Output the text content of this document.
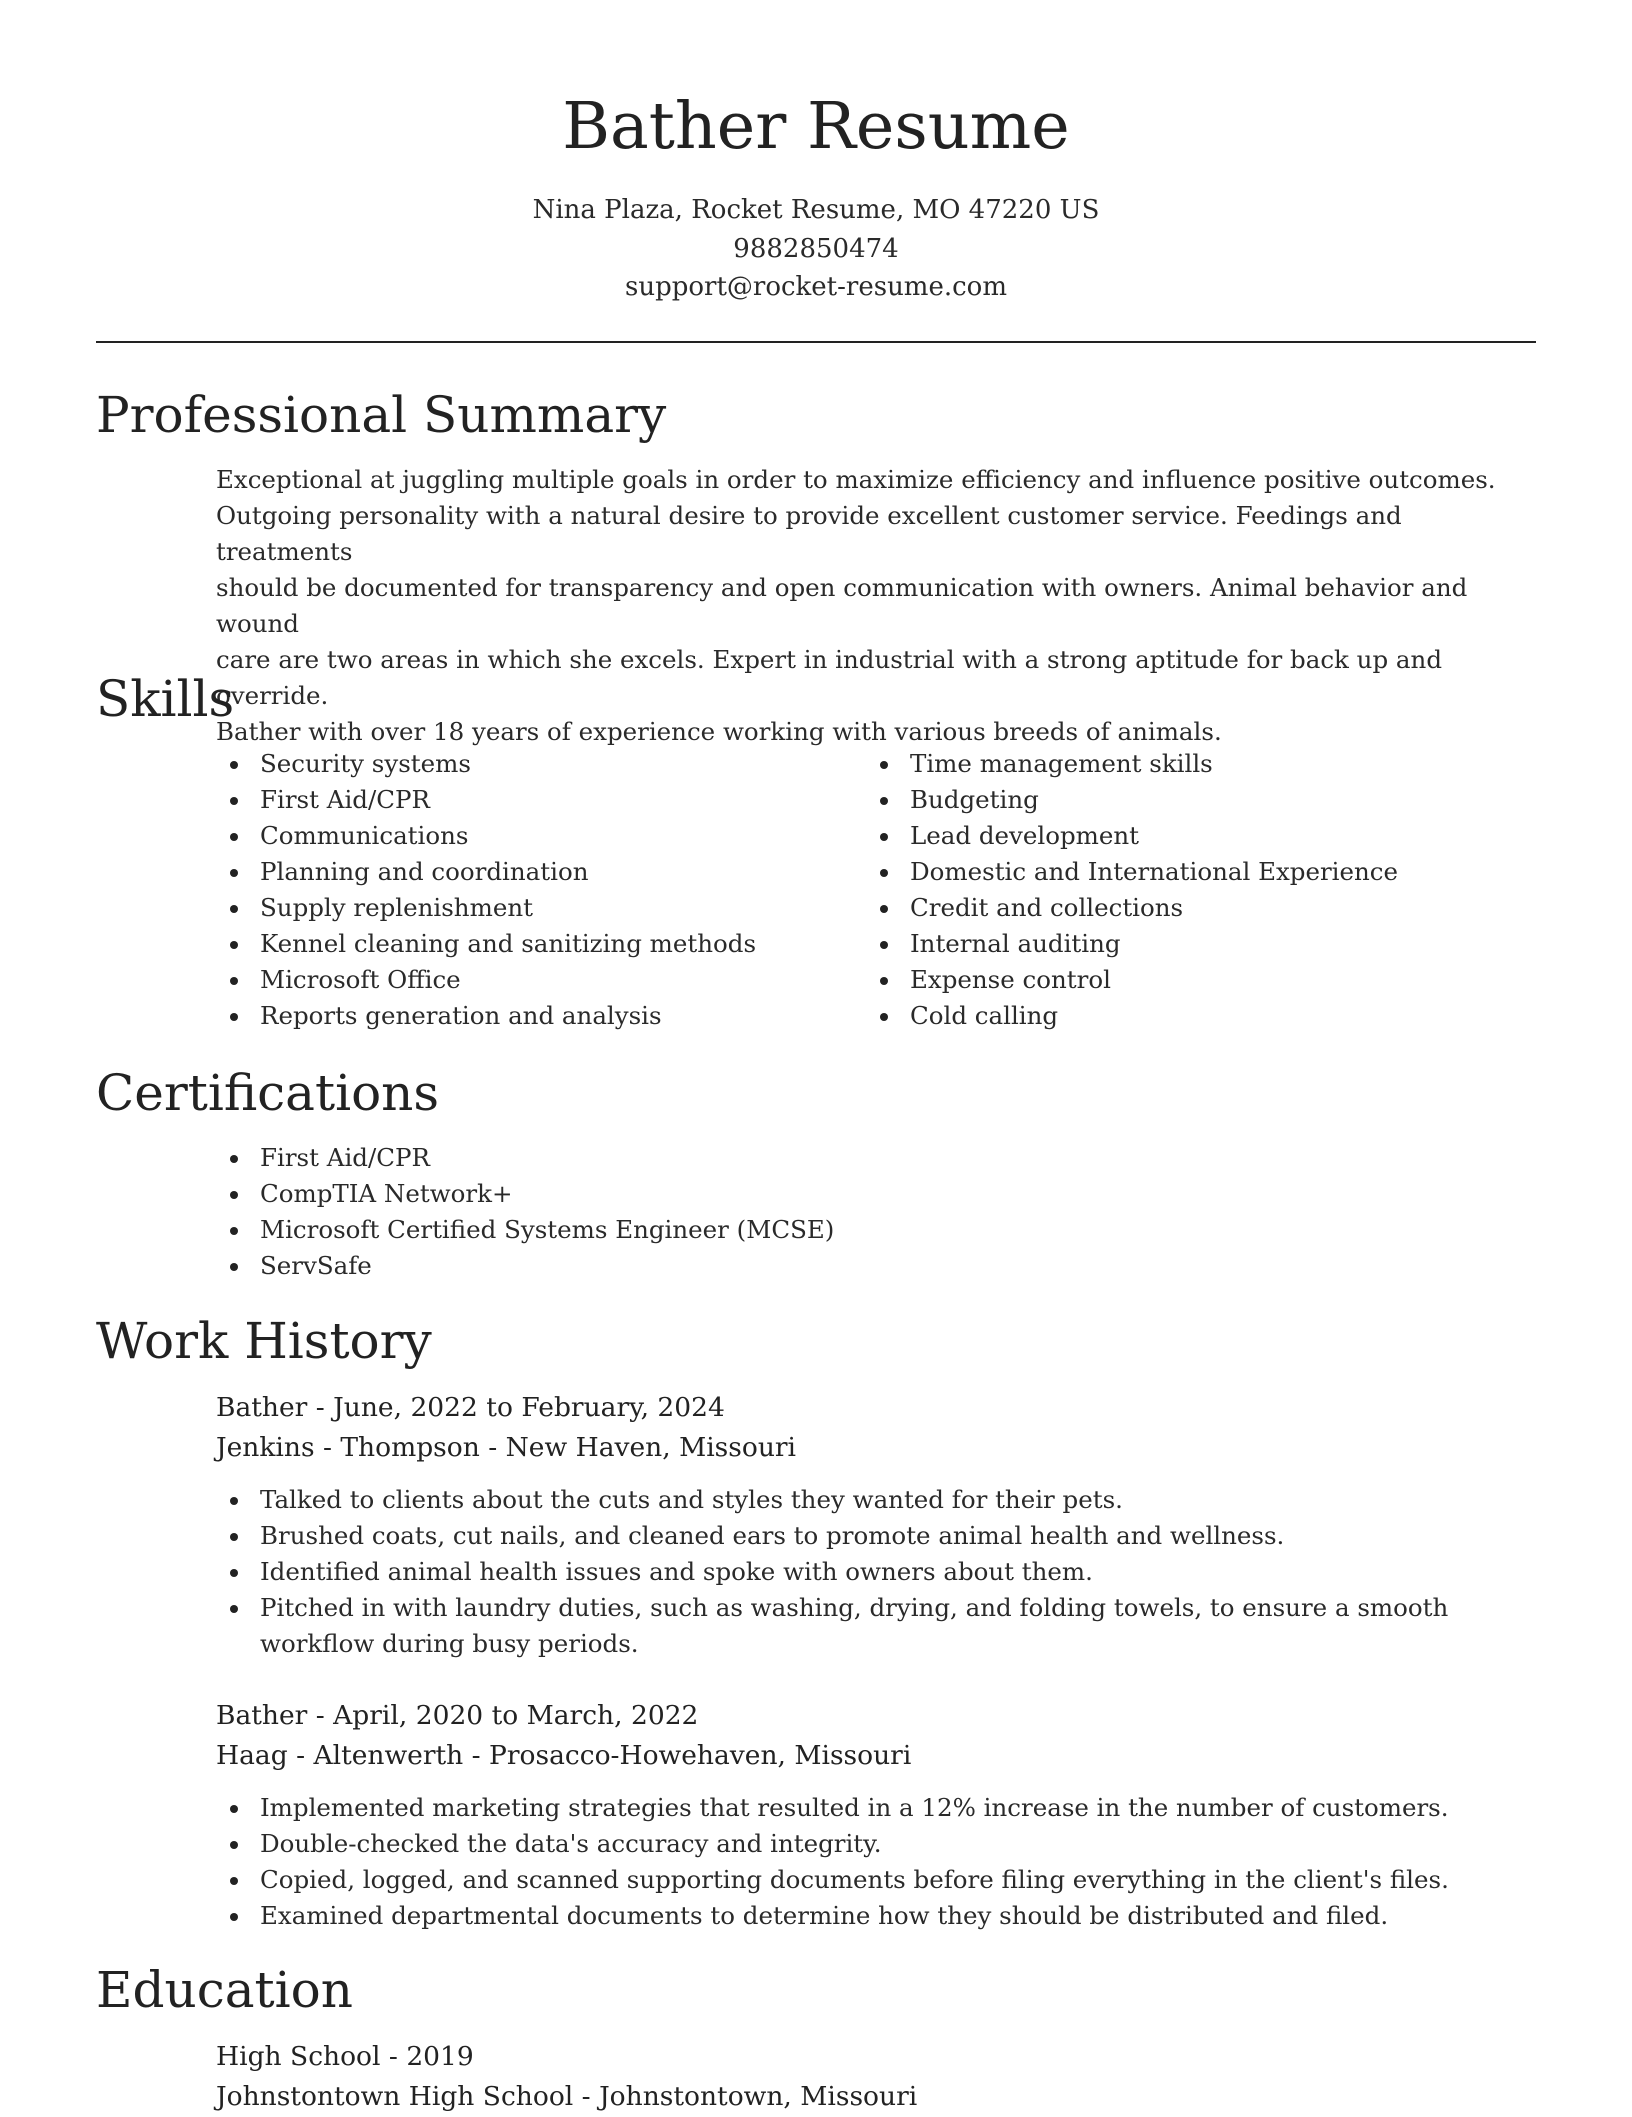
Bather Resume
Nina Plaza, Rocket Resume, MO 47220 US
9882850474
support@rocket-resume.com
Professional Summary
Exceptional at juggling multiple goals in order to maximize efficiency and influence positive outcomes.
Outgoing personality with a natural desire to provide excellent customer service. Feedings and treatments
should be documented for transparency and open communication with owners. Animal behavior and wound
care are two areas in which she excels. Expert in industrial with a strong aptitude for back up and override.
Bather with over 18 years of experience working with various breeds of animals.
Skills
Security systems
First Aid/CPR
Communications
Planning and coordination
Supply replenishment
Kennel cleaning and sanitizing methods
Microsoft Office
Reports generation and analysis
Time management skills
Budgeting
Lead development
Domestic and International Experience
Credit and collections
Internal auditing
Expense control
Cold calling
Certifications
First Aid/CPR
CompTIA Network+
Microsoft Certified Systems Engineer (MCSE)
ServSafe
Work History
Bather - June, 2022 to February, 2024
Jenkins - Thompson - New Haven, Missouri
Talked to clients about the cuts and styles they wanted for their pets.
Brushed coats, cut nails, and cleaned ears to promote animal health and wellness.
Identified animal health issues and spoke with owners about them.
Pitched in with laundry duties, such as washing, drying, and folding towels, to ensure a smooth workflow during busy periods.
Bather - April, 2020 to March, 2022
Haag - Altenwerth - Prosacco-Howehaven, Missouri
Implemented marketing strategies that resulted in a 12% increase in the number of customers.
Double-checked the data's accuracy and integrity.
Copied, logged, and scanned supporting documents before filing everything in the client's files.
Examined departmental documents to determine how they should be distributed and filed.
Education
High School - 2019
Johnstontown High School - Johnstontown, Missouri
